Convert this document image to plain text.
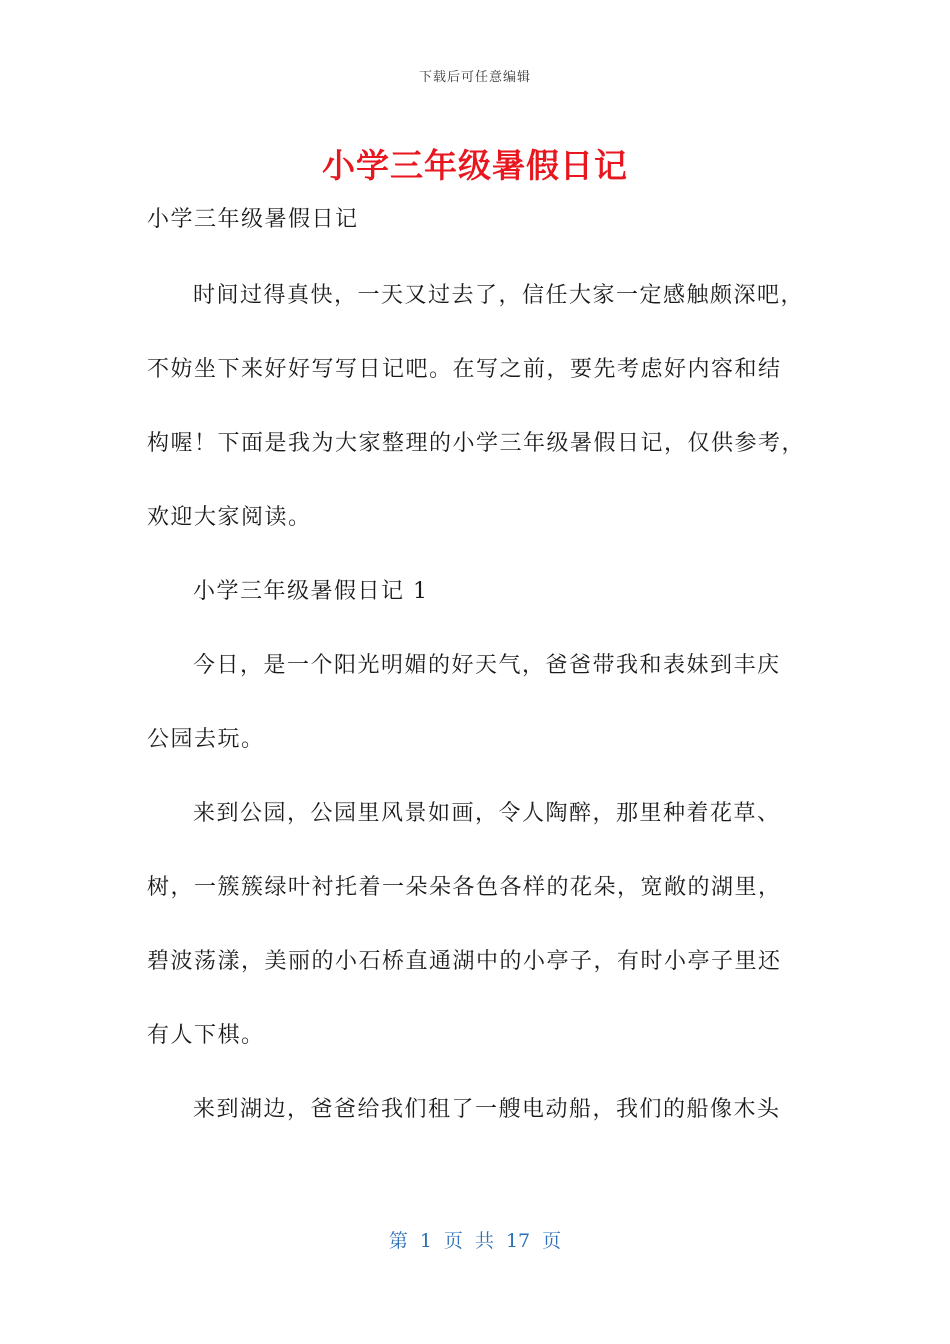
下载后可任意编辑
小学三年级暑假日记
小学三年级暑假日记
时间过得真快，一天又过去了，信任大家一定感触颇深吧，
不妨坐下来好好写写日记吧。在写之前，要先考虑好内容和结
构喔！下面是我为大家整理的小学三年级暑假日记，仅供参考，
欢迎大家阅读。
小学三年级暑假日记 1
今日，是一个阳光明媚的好天气，爸爸带我和表妹到丰庆
公园去玩。
来到公园，公园里风景如画，令人陶醉，那里种着花草、
树，一簇簇绿叶衬托着一朵朵各色各样的花朵，宽敞的湖里，
碧波荡漾，美丽的小石桥直通湖中的小亭子，有时小亭子里还
有人下棋。
来到湖边，爸爸给我们租了一艘电动船，我们的船像木头
第 1 页 共 17 页
